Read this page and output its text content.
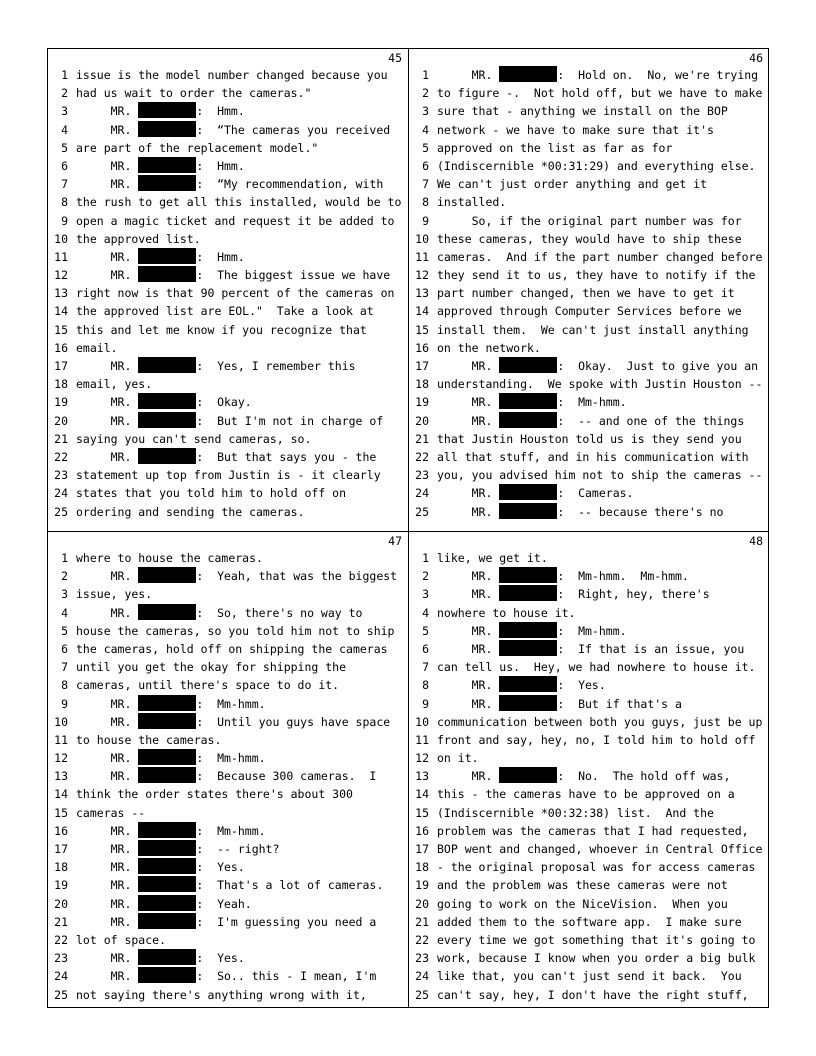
45
1 issue is the model number changed because you
2 had us wait to order the cameras."
3 MR.	:  Hmm.
4 MR.	:  “The cameras you received
5 are part of the replacement model."
6 MR.	:  Hmm.
7 MR.	:  “My recommendation, with
8 the rush to get all this installed, would be to
9 open a magic ticket and request it be added to
10 the approved list.
11 MR.	:  Hmm.
12 MR.	:  The biggest issue we have
13 right now is that 90 percent of the cameras on
14 the approved list are EOL."  Take a look at
15 this and let me know if you recognize that
16 email.
17 MR.	:  Yes, I remember this
18 email, yes.
19 MR.	:  Okay.
20 MR.	:  But I'm not in charge of
21 saying you can't send cameras, so.
22 MR.	:  But that says you - the
23 statement up top from Justin is - it clearly
24 states that you told him to hold off on
25 ordering and sending the cameras.
46
1 MR.	:  Hold on.  No, we're trying
2 to figure -.  Not hold off, but we have to make
3 sure that - anything we install on the BOP
4 network - we have to make sure that it's
5 approved on the list as far as for
6 (Indiscernible *00:31:29) and everything else.
7 We can't just order anything and get it
8 installed.
9 So, if the original part number was for
10 these cameras, they would have to ship these
11 cameras.  And if the part number changed before
12 they send it to us, they have to notify if the
13 part number changed, then we have to get it
14 approved through Computer Services before we
15 install them.  We can't just install anything
16 on the network.
17 MR.	:  Okay.  Just to give you an
18 understanding.  We spoke with Justin Houston --
19 MR.	:  Mm-hmm.
20 MR.	:  -- and one of the things
21 that Justin Houston told us is they send you
22 all that stuff, and in his communication with
23 you, you advised him not to ship the cameras --
24 MR.	:  Cameras.
25 MR.	:  -- because there's no
47
1 where to house the cameras.
2 MR.	:  Yeah, that was the biggest
3 issue, yes.
4 MR.	:  So, there's no way to
5 house the cameras, so you told him not to ship
6 the cameras, hold off on shipping the cameras
7 until you get the okay for shipping the
8 cameras, until there's space to do it.
9 MR.	:  Mm-hmm.
10 MR.	:  Until you guys have space
11 to house the cameras.
12 MR.	:  Mm-hmm.
13 MR.	:  Because 300 cameras.  I
14 think the order states there's about 300
15 cameras --
16 MR.	:  Mm-hmm.
17 MR.	:  -- right?
18 MR.	:  Yes.
19 MR.	:  That's a lot of cameras.
20 MR.	:  Yeah.
21 MR.	:  I'm guessing you need a
22 lot of space.
23 MR.	:  Yes.
24 MR.	:  So.. this - I mean, I'm
25 not saying there's anything wrong with it,
48
1 like, we get it.
2 MR.	:  Mm-hmm.  Mm-hmm.
3 MR.	:  Right, hey, there's
4 nowhere to house it.
5 MR.	:  Mm-hmm.
6 MR.	:  If that is an issue, you
7 can tell us.  Hey, we had nowhere to house it.
8 MR.	:  Yes.
9 MR.	:  But if that's a
10 communication between both you guys, just be up
11 front and say, hey, no, I told him to hold off
12 on it.
13 MR.	:  No.  The hold off was,
14 this - the cameras have to be approved on a
15 (Indiscernible *00:32:38) list.  And the
16 problem was the cameras that I had requested,
17 BOP went and changed, whoever in Central Office
18 - the original proposal was for access cameras
19 and the problem was these cameras were not
20 going to work on the NiceVision.  When you
21 added them to the software app.  I make sure
22 every time we got something that it's going to
23 work, because I know when you order a big bulk
24 like that, you can't just send it back.  You
25 can't say, hey, I don't have the right stuff,
